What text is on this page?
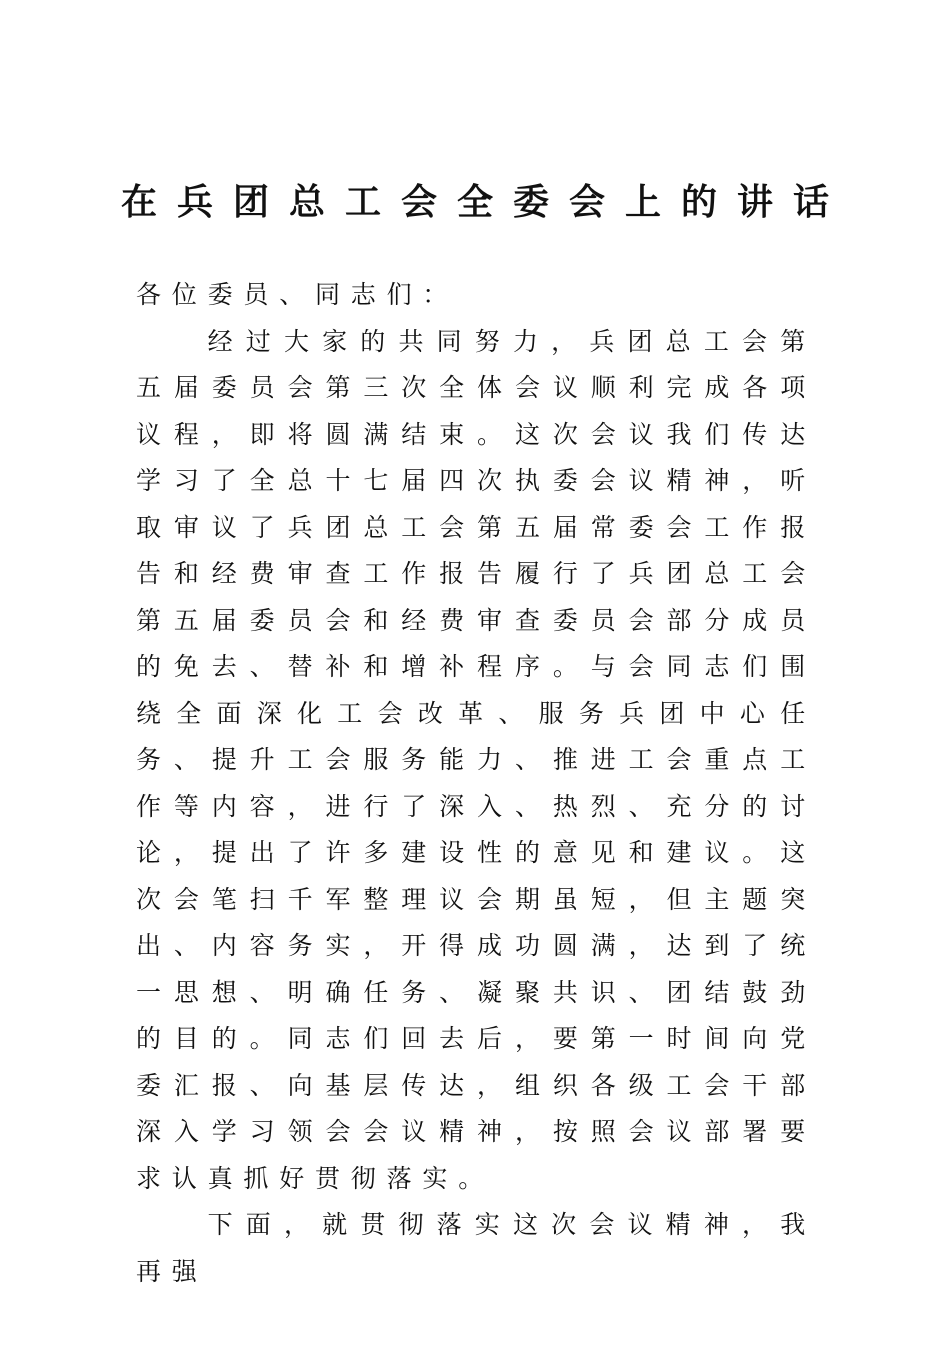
在兵团总工会全委会上的讲话

各位委员、同志们：

经过大家的共同努力，兵团总工会第五届委员会第三次全体会议顺利完成各项议程，即将圆满结束。这次会议我们传达学习了全总十七届四次执委会议精神，听取审议了兵团总工会第五届常委会工作报告和经费审查工作报告履行了兵团总工会第五届委员会和经费审查委员会部分成员的免去、替补和增补程序。与会同志们围绕全面深化工会改革、服务兵团中心任务、提升工会服务能力、推进工会重点工作等内容，进行了深入、热烈、充分的讨论，提出了许多建设性的意见和建议。这次会笔扫千军整理议会期虽短，但主题突出、内容务实，开得成功圆满，达到了统一思想、明确任务、凝聚共识、团结鼓劲的目的。同志们回去后，要第一时间向党委汇报、向基层传达，组织各级工会干部深入学习领会会议精神，按照会议部署要求认真抓好贯彻落实。

下面，就贯彻落实这次会议精神，我再强
